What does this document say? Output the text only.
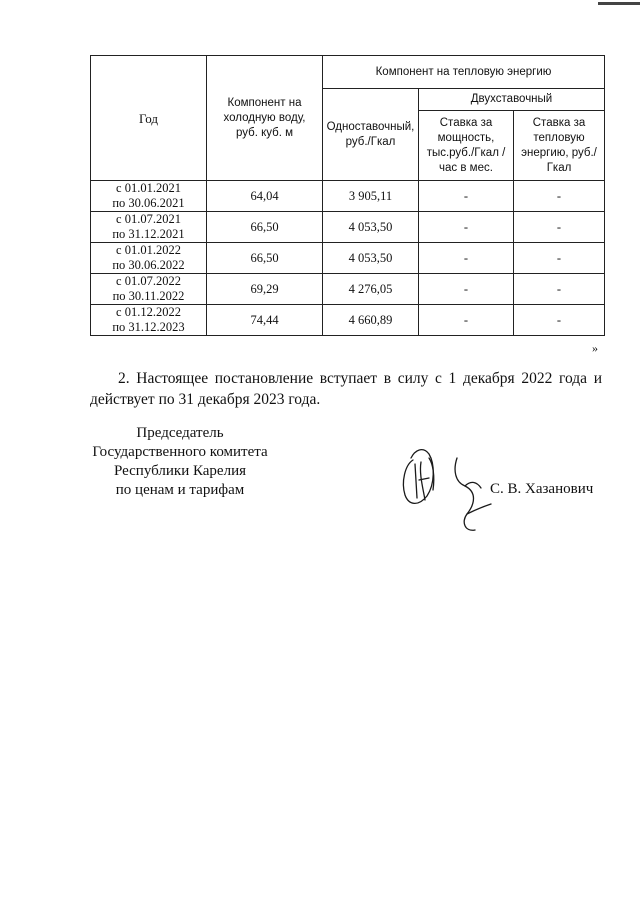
Год	Компонент на холодную воду, руб. куб. м	Компонент на тепловую энергию		
		Одноставочный, руб./Гкал	Двухставочный	
			Ставка за мощность, тыс.руб./Гкал / час в мес.	Ставка за тепловую энергию, руб./Гкал

с 01.01.2021
по 30.06.2021	64,04	3 905,11	-	-

с 01.07.2021
по 31.12.2021	66,50	4 053,50	-	-

с 01.01.2022
по 30.06.2022	66,50	4 053,50	-	-

с 01.07.2022
по 30.11.2022	69,29	4 276,05	-	-

с 01.12.2022
по 31.12.2023	74,44	4 660,89	-	-
»

2. Настоящее постановление вступает в силу с 1 декабря 2022 года и действует по 31 декабря 2023 года.

Председатель
Государственного комитета
Республики Карелия
по ценам и тарифам	С. В. Хазанович
